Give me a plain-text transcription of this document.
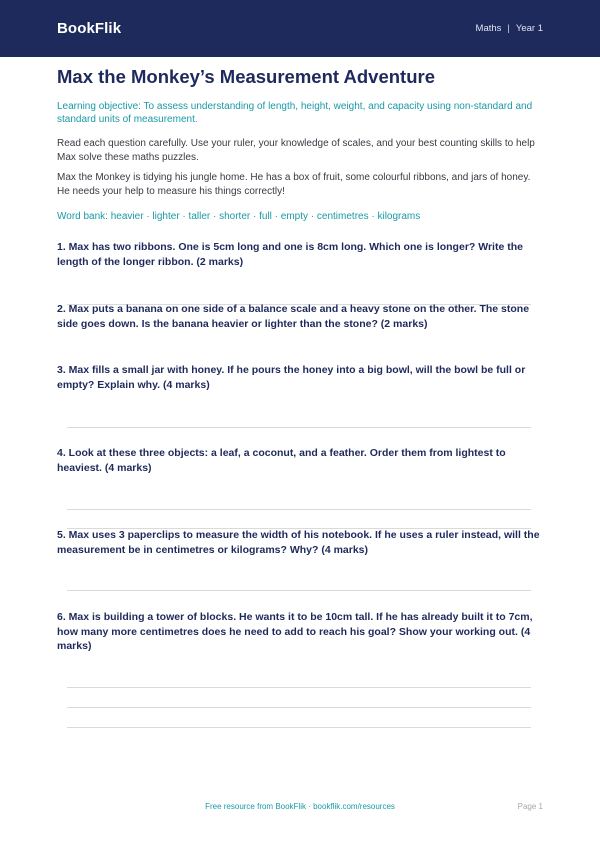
BookFlik	Maths | Year 1
Max the Monkey’s Measurement Adventure

Learning objective: To assess understanding of length, height, weight, and capacity using non-standard and standard units of measurement.

Read each question carefully. Use your ruler, your knowledge of scales, and your best counting skills to help Max solve these maths puzzles.

Max the Monkey is tidying his jungle home. He has a box of fruit, some colourful ribbons, and jars of honey. He needs your help to measure his things correctly!

Word bank: heavier · lighter · taller · shorter · full · empty · centimetres · kilograms

1. Max has two ribbons. One is 5cm long and one is 8cm long. Which one is longer? Write the length of the longer ribbon. (2 marks)

2. Max puts a banana on one side of a balance scale and a heavy stone on the other. The stone side goes down. Is the banana heavier or lighter than the stone? (2 marks)

3. Max fills a small jar with honey. If he pours the honey into a big bowl, will the bowl be full or empty? Explain why. (4 marks)

4. Look at these three objects: a leaf, a coconut, and a feather. Order them from lightest to heaviest. (4 marks)

5. Max uses 3 paperclips to measure the width of his notebook. If he uses a ruler instead, will the measurement be in centimetres or kilograms? Why? (4 marks)

6. Max is building a tower of blocks. He wants it to be 10cm tall. If he has already built it to 7cm, how many more centimetres does he need to add to reach his goal? Show your working out. (4 marks)

Free resource from BookFlik · bookflik.com/resources	Page 1
